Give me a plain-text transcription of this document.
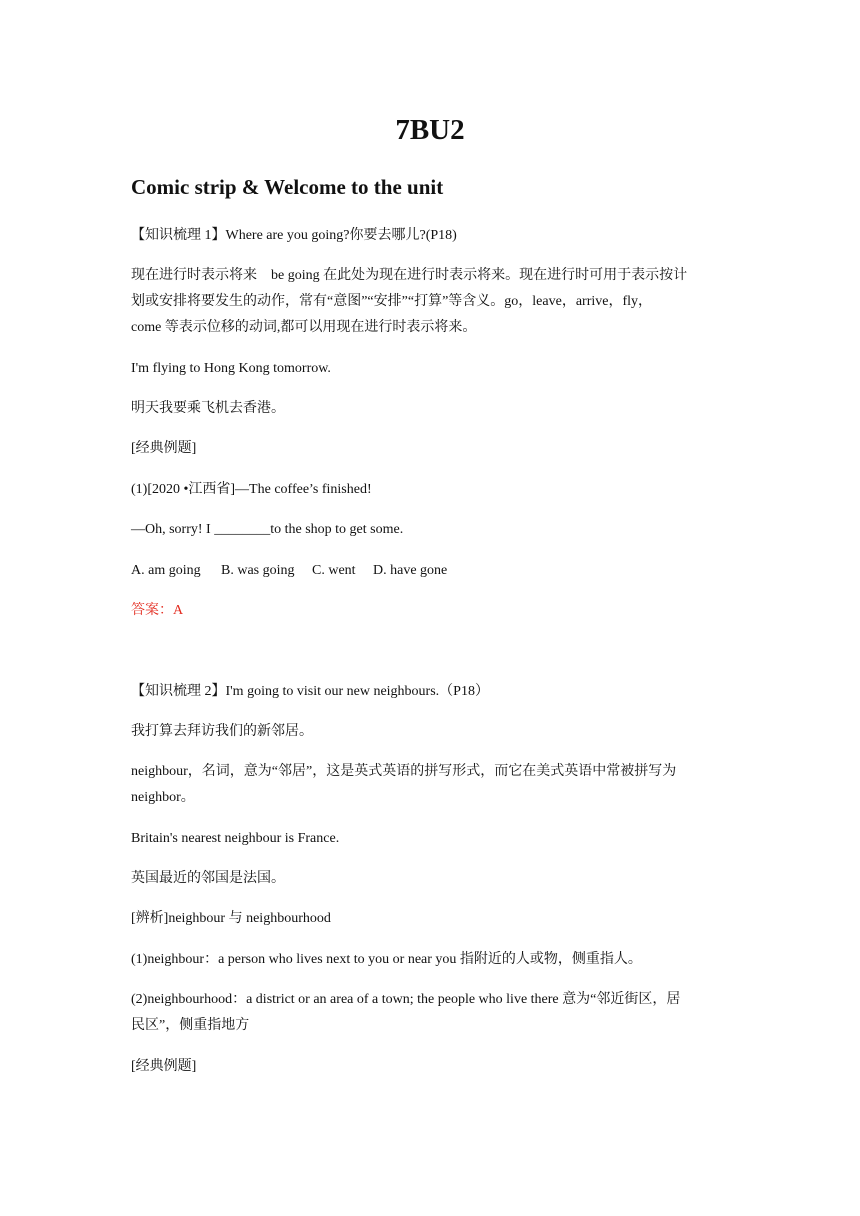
7BU2
Comic strip & Welcome to the unit
【知识梳理 1】Where are you going?你要去哪儿?(P18)
现在进行时表示将来　be going 在此处为现在进行时表示将来。现在进行时可用于表示按计
划或安排将要发生的动作，常有“意图”“安排”“打算”等含义。go，leave，arrive，fly，
come 等表示位移的动词,都可以用现在进行时表示将来。
I'm flying to Hong Kong tomorrow.
明天我要乘飞机去香港。
[经典例题]
(1)[2020 •江西省]—The coffee’s finished!
—Oh, sorry! I ________to the shop to get some.
A. am going B. was going C. went D. have gone
答案：A
【知识梳理 2】I'm going to visit our new neighbours.（P18）
我打算去拜访我们的新邻居。
neighbour，名词，意为“邻居”，这是英式英语的拼写形式，而它在美式英语中常被拼写为
neighbor。
Britain's nearest neighbour is France.
英国最近的邻国是法国。
[辨析]neighbour 与 neighbourhood
(1)neighbour：a person who lives next to you or near you 指附近的人或物，侧重指人。
(2)neighbourhood：a district or an area of a town; the people who live there 意为“邻近街区，居
民区”，侧重指地方
[经典例题]
